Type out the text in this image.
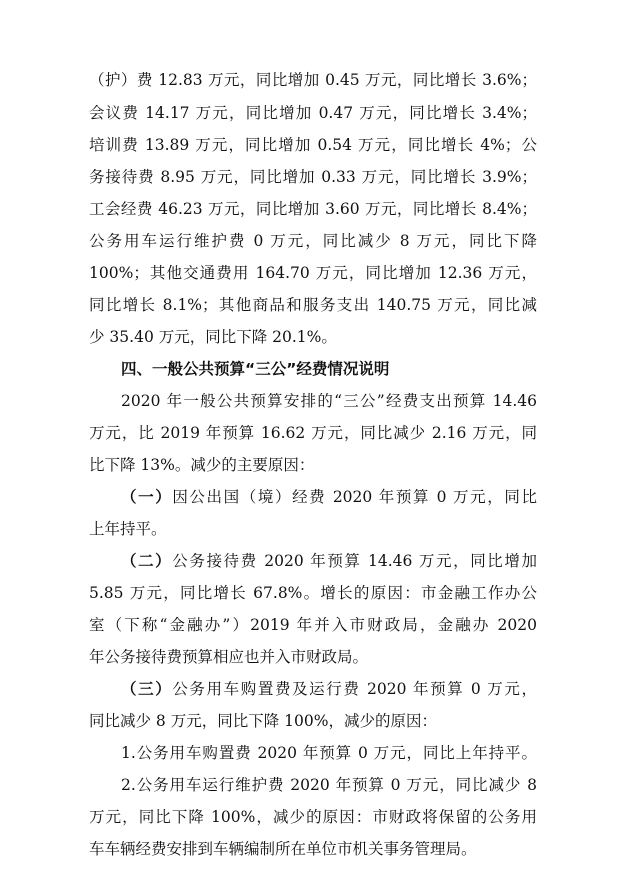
（护）费 12.83 万元，同比增加 0.45 万元，同比增长 3.6%；
会议费 14.17 万元，同比增加 0.47 万元，同比增长 3.4%；
培训费 13.89 万元，同比增加 0.54 万元，同比增长 4%；公
务接待费 8.95 万元，同比增加 0.33 万元，同比增长 3.9%；
工会经费 46.23 万元，同比增加 3.60 万元，同比增长 8.4%；
公务用车运行维护费 0 万元，同比减少 8 万元，同比下降
100%；其他交通费用 164.70 万元，同比增加 12.36 万元，
同比增长 8.1%；其他商品和服务支出 140.75 万元，同比减
少 35.40 万元，同比下降 20.1%。
四、一般公共预算“三公”经费情况说明
2020 年一般公共预算安排的“三公”经费支出预算 14.46
万元，比 2019 年预算 16.62 万元，同比减少 2.16 万元，同
比下降 13%。减少的主要原因：
（一）因公出国（境）经费 2020 年预算 0 万元，同比
上年持平。
（二）公务接待费 2020 年预算 14.46 万元，同比增加
5.85 万元，同比增长 67.8%。增长的原因：市金融工作办公
室（下称“金融办”）2019 年并入市财政局，金融办 2020
年公务接待费预算相应也并入市财政局。
（三）公务用车购置费及运行费 2020 年预算 0 万元，
同比减少 8 万元，同比下降 100%，减少的原因：
1.公务用车购置费 2020 年预算 0 万元，同比上年持平。
2.公务用车运行维护费 2020 年预算 0 万元，同比减少 8
万元，同比下降 100%，减少的原因：市财政将保留的公务用
车车辆经费安排到车辆编制所在单位市机关事务管理局。
